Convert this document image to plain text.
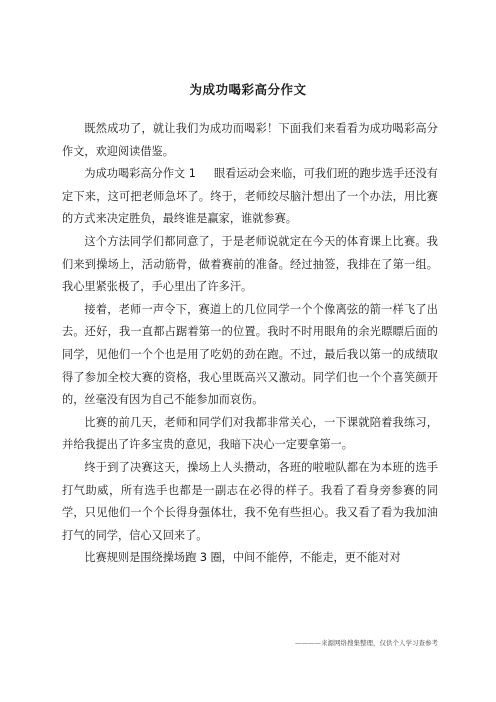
为成功喝彩高分作文

既然成功了，就让我们为成功而喝彩！下面我们来看看为成功喝彩高分作文，欢迎阅读借鉴。

为成功喝彩高分作文 1 眼看运动会来临，可我们班的跑步选手还没有定下来，这可把老师急坏了。终于，老师绞尽脑汁想出了一个办法，用比赛的方式来决定胜负，最终谁是赢家，谁就参赛。

这个方法同学们都同意了，于是老师说就定在今天的体育课上比赛。我们来到操场上，活动筋骨，做着赛前的准备。经过抽签，我排在了第一组。我心里紧张极了，手心里出了许多汗。

接着，老师一声令下，赛道上的几位同学一个个像离弦的箭一样飞了出去。还好，我一直都占踞着第一的位置。我时不时用眼角的余光瞟瞟后面的同学，见他们一个个也是用了吃奶的劲在跑。不过，最后我以第一的成绩取得了参加全校大赛的资格，我心里既高兴又激动。同学们也一个个喜笑颜开的，丝毫没有因为自己不能参加而哀伤。

比赛的前几天，老师和同学们对我都非常关心，一下课就陪着我练习，并给我提出了许多宝贵的意见，我暗下决心一定要拿第一。

终于到了决赛这天，操场上人头攒动，各班的啦啦队都在为本班的选手打气助威，所有选手也都是一副志在必得的样子。我看了看身旁参赛的同学，只见他们一个个长得身强体壮，我不免有些担心。我又看了看为我加油打气的同学，信心又回来了。

比赛规则是围绕操场跑 3 圈，中间不能停，不能走，更不能对对

————来源网络搜集整理，仅供个人学习查参考
